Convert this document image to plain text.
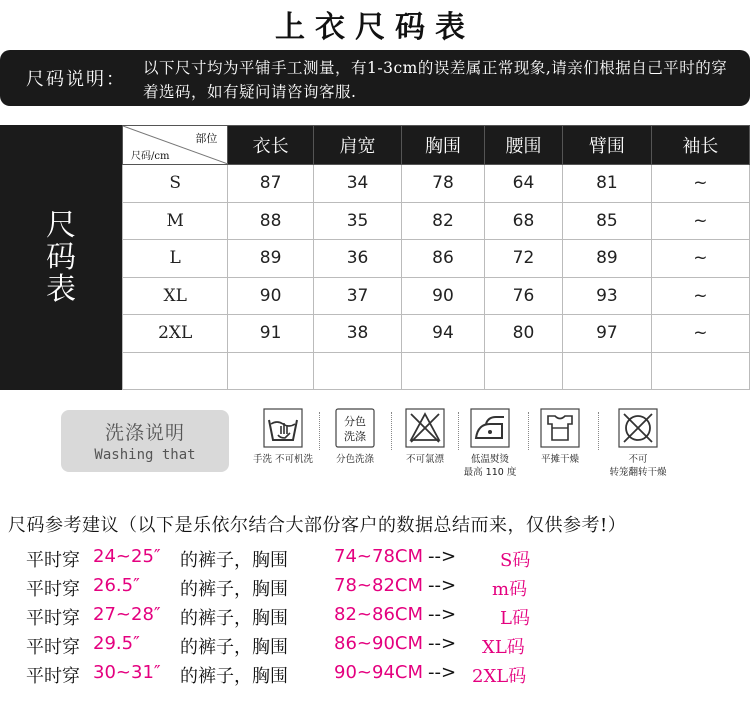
上衣尺码表
尺码说明：
以下尺寸均为平铺手工测量，有1-3cm的误差属正常现象,请亲们根据自己平时的穿着选码，如有疑问请咨询客服.
尺码表
部位
尺码/cm	衣长	肩宽	胸围	腰围	臂围	袖长
S	87	34	78	64	81	~
M	88	35	82	68	85	~
L	89	36	86	72	89	~
XL	90	37	90	76	93	~
2XL	91	38	94	80	97	~

洗涤说明
Washing that	手洗 不可机洗
分色
洗涤
分色洗涤	不可氯漂	低温熨烫
最高 110 度
平摊干燥	不可
转笼翻转干燥
尺码参考建议（以下是乐依尔结合大部份客户的数据总结而来，仅供参考!）
平时穿 24~25″ 的裤子，胸围	74~78CM --> S码
平时穿 26.5″ 的裤子，胸围	78~82CM --> m码
平时穿 27~28″ 的裤子，胸围	82~86CM --> L码
平时穿 29.5″ 的裤子，胸围	86~90CM --> XL码
平时穿 30~31″ 的裤子，胸围	90~94CM --> 2XL码
